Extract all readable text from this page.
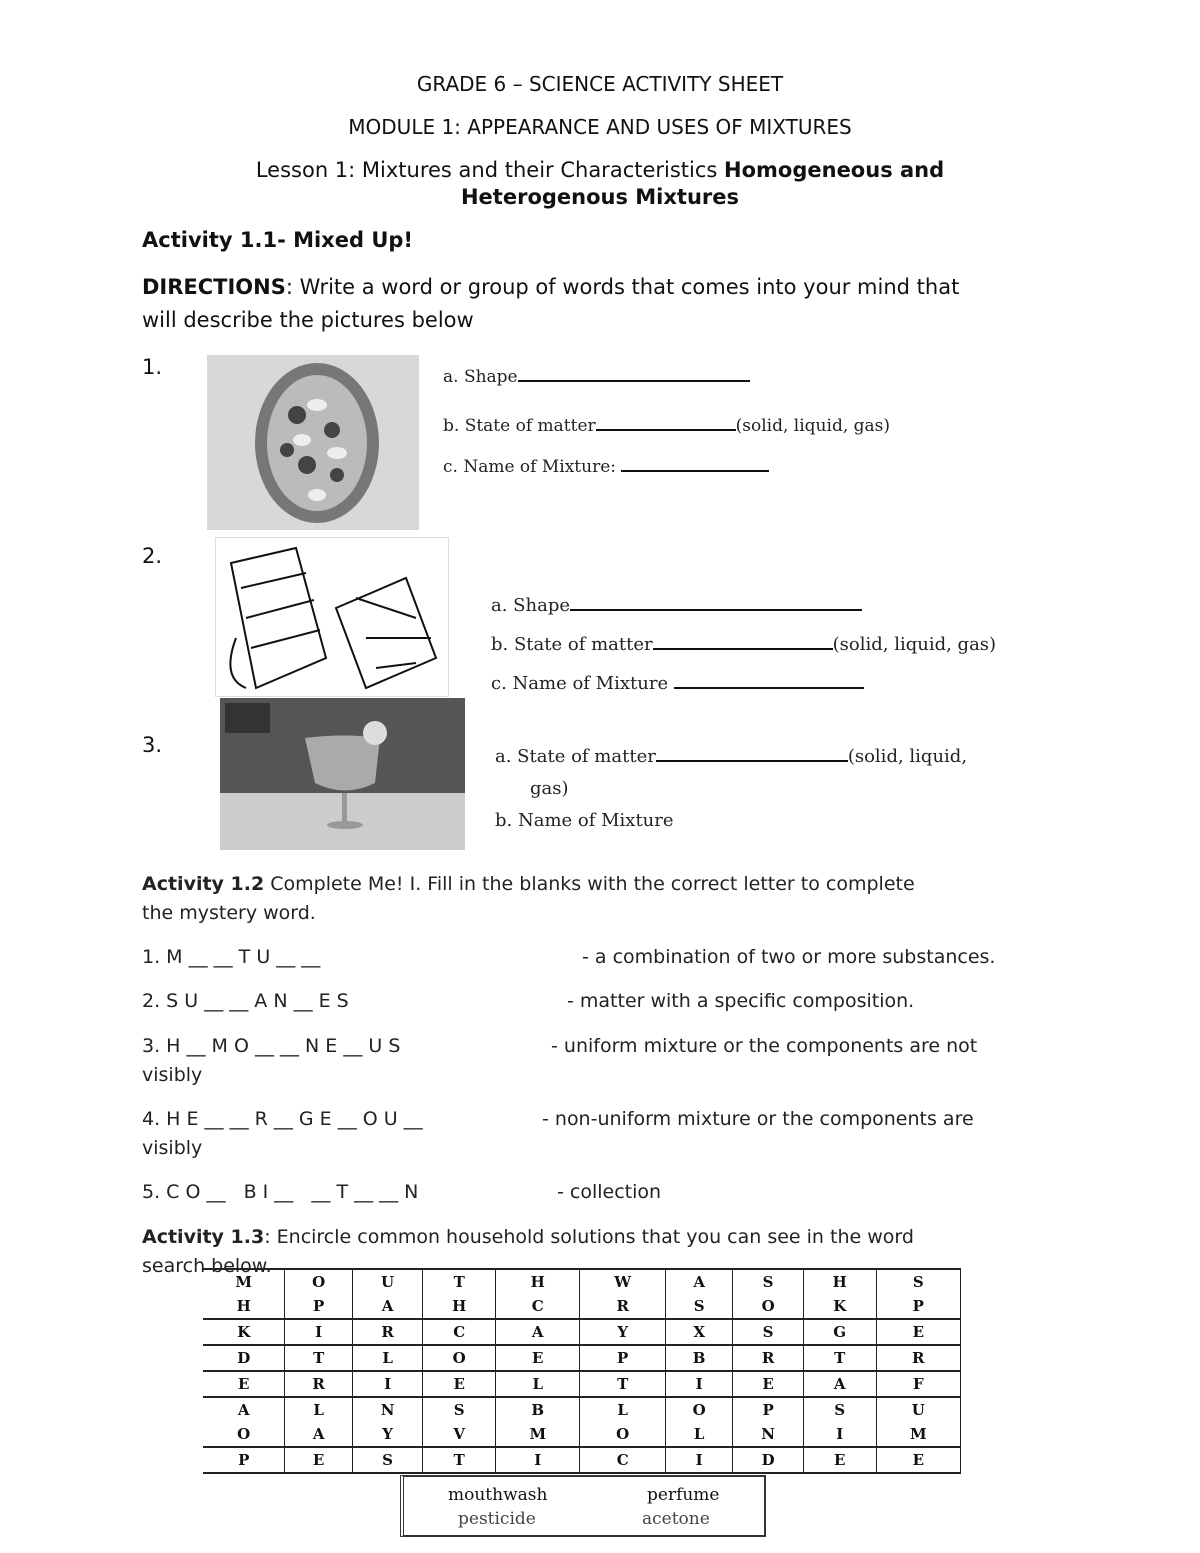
GRADE 6 – SCIENCE ACTIVITY SHEET
MODULE 1: APPEARANCE AND USES OF MIXTURES
Lesson 1: Mixtures and their Characteristics Homogeneous and
Heterogenous Mixtures
Activity 1.1- Mixed Up!
DIRECTIONS: Write a word or group of words that comes into your mind that
will describe the pictures below
1.	a. Shape
b. State of matter	(solid, liquid, gas)
c. Name of Mixture:
2.
a. Shape
b. State of matter	(solid, liquid, gas)
c. Name of Mixture
3.	a. State of matter	(solid, liquid,
gas)
b. Name of Mixture
Activity 1.2 Complete Me! I. Fill in the blanks with the correct letter to complete
the mystery word.
1. M __ __ T U __ __	- a combination of two or more substances.
2. S U __ __ A N __ E S	- matter with a specific composition.
3. H __ M O __ __ N E __ U S	- uniform mixture or the components are not
visibly
4. H E __ __ R __ G E __ O U __	- non-uniform mixture or the components are
visibly
5. C O __   B I __   __ T __ __ N	- collection
Activity 1.3: Encircle common household solutions that you can see in the word
search below.
M	O	U	T	H	W	A	S	H	S
H	P	A	H	C	R	S	O	K	P
K	I	R	C	A	Y	X	S	G	E
D	T	L	O	E	P	B	R	T	R
E	R	I	E	L	T	I	E	A	F
A	L	N	S	B	L	O	P	S	U
O	A	Y	V	M	O	L	N	I	M
P	E	S	T	I	C	I	D	E	E
mouthwash	perfume
pesticide	acetone
